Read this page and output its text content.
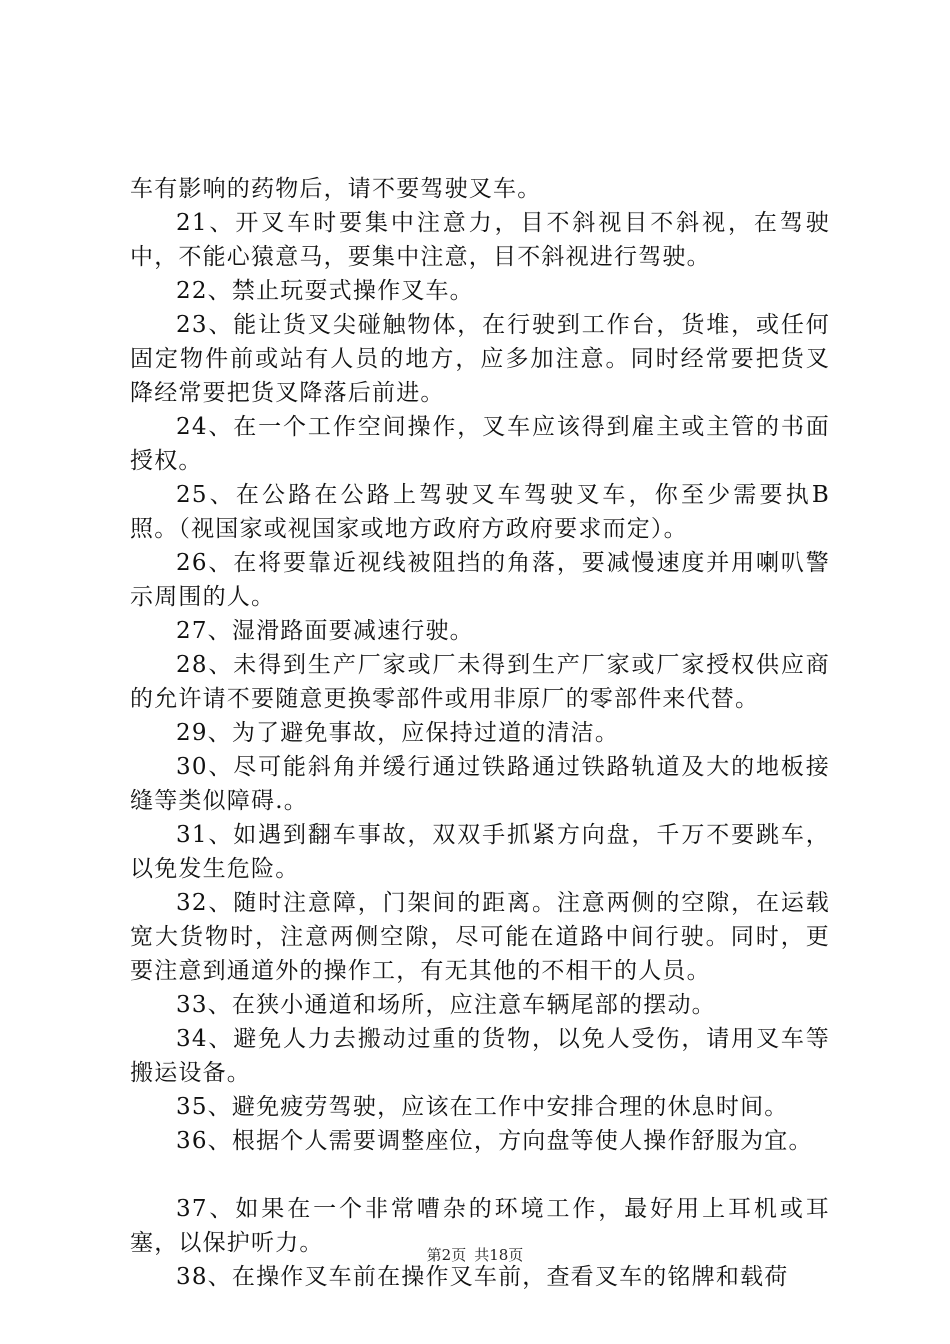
车有影响的药物后，请不要驾驶叉车。

21、开叉车时要集中注意力，目不斜视目不斜视，在驾驶中，不能心猿意马，要集中注意，目不斜视进行驾驶。

22、禁止玩耍式操作叉车。

23、能让货叉尖碰触物体，在行驶到工作台，货堆，或任何固定物件前或站有人员的地方，应多加注意。同时经常要把货叉降经常要把货叉降落后前进。

24、在一个工作空间操作，叉车应该得到雇主或主管的书面授权。

25、在公路在公路上驾驶叉车驾驶叉车，你至少需要执B照。（视国家或视国家或地方政府方政府要求而定）。

26、在将要靠近视线被阻挡的角落，要减慢速度并用喇叭警示周围的人。

27、湿滑路面要减速行驶。

28、未得到生产厂家或厂未得到生产厂家或厂家授权供应商的允许请不要随意更换零部件或用非原厂的零部件来代替。

29、为了避免事故，应保持过道的清洁。

30、尽可能斜角并缓行通过铁路通过铁路轨道及大的地板接缝等类似障碍.。

31、如遇到翻车事故，双双手抓紧方向盘，千万不要跳车，以免发生危险。

32、随时注意障，门架间的距离。注意两侧的空隙，在运载宽大货物时，注意两侧空隙，尽可能在道路中间行驶。同时，更要注意到通道外的操作工，有无其他的不相干的人员。

33、在狭小通道和场所，应注意车辆尾部的摆动。

34、避免人力去搬动过重的货物，以免人受伤，请用叉车等搬运设备。

35、避免疲劳驾驶，应该在工作中安排合理的休息时间。

36、根据个人需要调整座位，方向盘等使人操作舒服为宜。

37、如果在一个非常嘈杂的环境工作，最好用上耳机或耳塞，以保护听力。

38、在操作叉车前在操作叉车前，查看叉车的铭牌和载荷

第2页 共18页
